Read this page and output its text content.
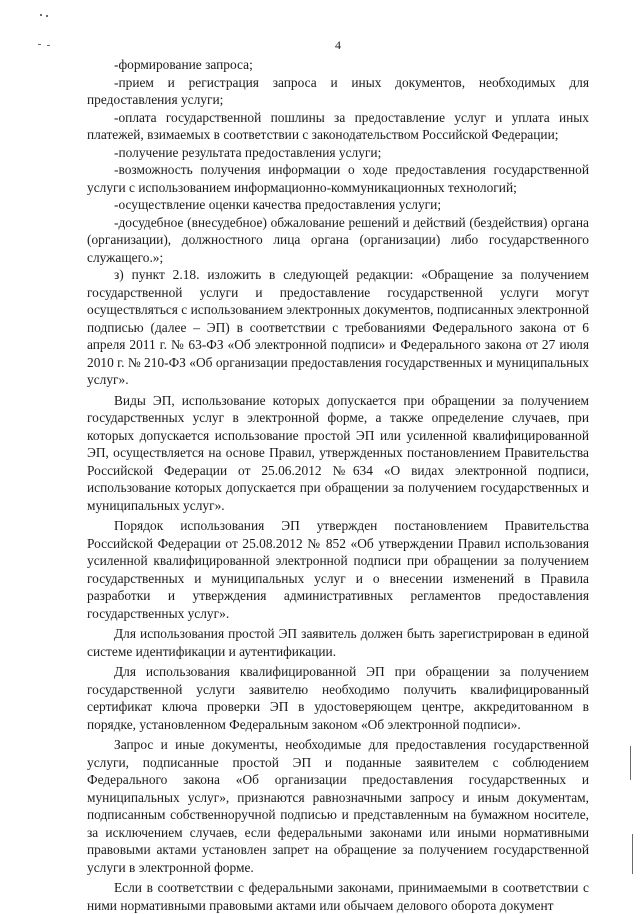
4

-формирование запроса;

-прием и регистрация запроса и иных документов, необходимых для предоставления услуги;

-оплата государственной пошлины за предоставление услуг и уплата иных платежей, взимаемых в соответствии с законодательством Российской Федерации;

-получение результата предоставления услуги;

-возможность получения информации о ходе предоставления государственной услуги с использованием информационно-коммуникационных технологий;

-осуществление оценки качества предоставления услуги;

-досудебное (внесудебное) обжалование решений и действий (бездействия) органа (организации), должностного лица органа (организации) либо государственного служащего.»;

з) пункт 2.18. изложить в следующей редакции: «Обращение за получением государственной услуги и предоставление государственной услуги могут осуществляться с использованием электронных документов, подписанных электронной подписью (далее – ЭП) в соответствии с требованиями Федерального закона от 6 апреля 2011 г. № 63-ФЗ «Об электронной подписи» и Федерального закона от 27 июля 2010 г. № 210-ФЗ «Об организации предоставления государственных и муниципальных услуг».

Виды ЭП, использование которых допускается при обращении за получением государственных услуг в электронной форме, а также определение случаев, при которых допускается использование простой ЭП или усиленной квалифицированной ЭП, осуществляется на основе Правил, утвержденных постановлением Правительства Российской Федерации от 25.06.2012 №634 «О видах электронной подписи, использование которых допускается при обращении за получением государственных и муниципальных услуг».

Порядок использования ЭП утвержден постановлением Правительства Российской Федерации от 25.08.2012 № 852 «Об утверждении Правил использования усиленной квалифицированной электронной подписи при обращении за получением государственных и муниципальных услуг и о внесении изменений в Правила разработки и утверждения административных регламентов предоставления государственных услуг».

Для использования простой ЭП заявитель должен быть зарегистрирован в единой системе идентификации и аутентификации.

Для использования квалифицированной ЭП при обращении за получением государственной услуги заявителю необходимо получить квалифицированный сертификат ключа проверки ЭП в удостоверяющем центре, аккредитованном в порядке, установленном Федеральным законом «Об электронной подписи».

Запрос и иные документы, необходимые для предоставления государственной услуги, подписанные простой ЭП и поданные заявителем с соблюдением Федерального закона «Об организации предоставления государственных и муниципальных услуг», признаются равнозначными запросу и иным документам, подписанным собственноручной подписью и представленным на бумажном носителе, за исключением случаев, если федеральными законами или иными нормативными правовыми актами установлен запрет на обращение за получением государственной услуги в электронной форме.

Если в соответствии с федеральными законами, принимаемыми в соответствии с ними нормативными правовыми актами или обычаем делового оборота документ
